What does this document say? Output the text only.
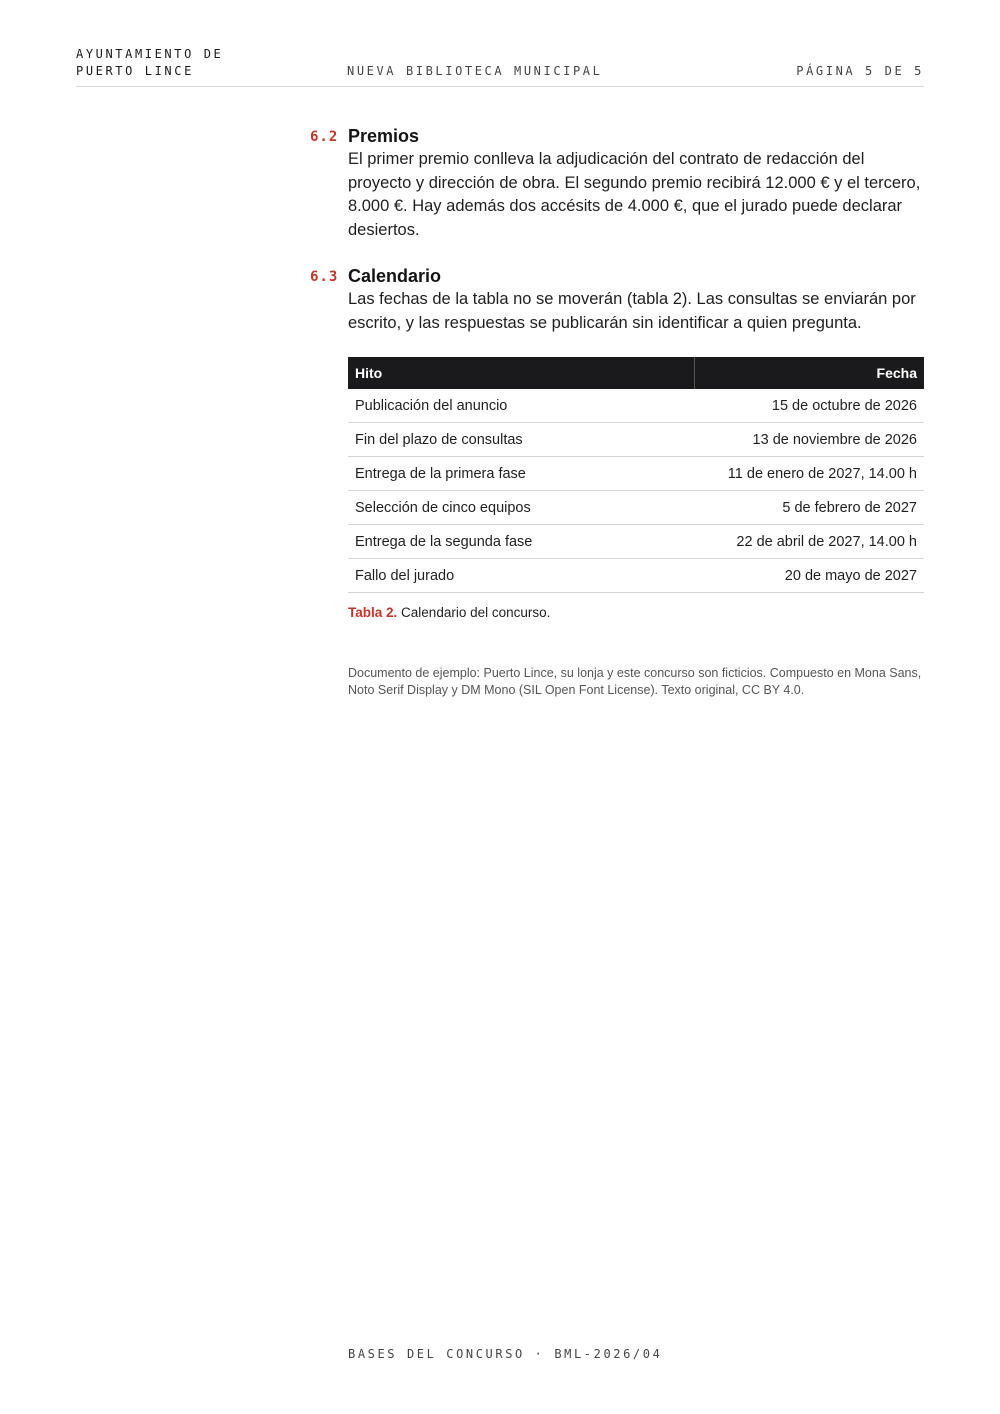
AYUNTAMIENTO DE
PUERTO LINCE	NUEVA BIBLIOTECA MUNICIPAL	PÁGINA 5 DE 5
6.2 Premios

El primer premio conlleva la adjudicación del contrato de redacción del proyecto y dirección de obra. El segundo premio recibirá 12.000 € y el tercero, 8.000 €. Hay además dos accésits de 4.000 €, que el jurado puede declarar desiertos.

6.3 Calendario

Las fechas de la tabla no se moverán (tabla 2). Las consultas se enviarán por escrito, y las respuestas se publicarán sin identificar a quien pregunta.

Hito	Fecha
Publicación del anuncio	15 de octubre de 2026
Fin del plazo de consultas	13 de noviembre de 2026
Entrega de la primera fase	11 de enero de 2027, 14.00 h
Selección de cinco equipos	5 de febrero de 2027
Entrega de la segunda fase	22 de abril de 2027, 14.00 h
Fallo del jurado	20 de mayo de 2027
Tabla 2. Calendario del concurso.
Documento de ejemplo: Puerto Lince, su lonja y este concurso son ficticios. Compuesto en Mona Sans, Noto Serif Display y DM Mono (SIL Open Font License). Texto original, CC BY 4.0.
BASES DEL CONCURSO · BML-2026/04
